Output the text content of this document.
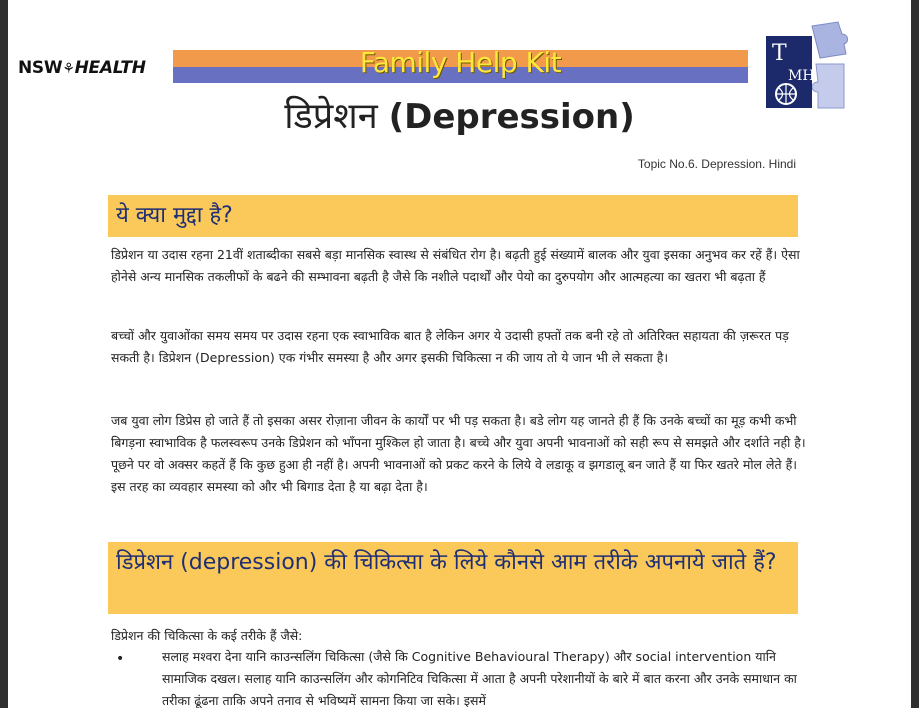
NSW⚘HEALTH	Family Help Kit	T
MH
डिप्रेशन (Depression)
Topic No.6. Depression. Hindi
ये क्या मुद्दा है?
डिप्रेशन या उदास रहना 21वीं शताब्दीका सबसे बड़ा मानसिक स्वास्थ से संबंधित रोग है। बढ़ती हुई संख्यामें बालक और युवा इसका अनुभव कर रहें हैं। ऐसा होनेसे अन्य मानसिक तकलीफों के बढने की सम्भावना बढ़ती है जैसे कि नशीले पदार्थों और पेयो का दुरुपयोग और आत्महत्या का खतरा भी बढ़ता हैं
बच्चों और युवाओंका समय समय पर उदास रहना एक स्वाभाविक बात है लेकिन अगर ये उदासी हफ्तों तक बनी रहे तो अतिरिक्त सहायता की ज़रूरत पड़ सकती है। डिप्रेशन (Depression) एक गंभीर समस्या है और अगर इसकी चिकित्सा न की जाय तो ये जान भी ले सकता है।
जब युवा लोग डिप्रेस हो जाते हैं तो इसका असर रोज़ाना जीवन के कार्यों पर भी पड़ सकता है। बडे लोग यह जानते ही हैं कि उनके बच्चों का मूड़ कभी कभी बिगड़ना स्वाभाविक है फलस्वरूप उनके डिप्रेशन को भाँपना मुश्किल हो जाता है। बच्चे और युवा अपनी भावनाओं को सही रूप से समझते और दर्शाते नही है। पूछने पर वो अक्सर कहतें हैं कि कुछ हुआ ही नहीं है। अपनी भावनाओं को प्रकट करने के लिये वे लडाकू व झगडालू बन जाते हैं या फिर खतरे मोल लेते हैं। इस तरह का व्यवहार समस्या को और भी बिगाड देता है या बढ़ा देता है।
डिप्रेशन (depression) की चिकित्सा के लिये कौनसे आम तरीके अपनाये जाते हैं?
डिप्रेशन की चिकित्सा के कई तरीके हैं जैसे:
•	सलाह मश्वरा देना यानि काउन्सलिंग चिकित्सा (जैसे कि Cognitive Behavioural Therapy) और social intervention यानि सामाजिक दखल। सलाह यानि काउन्सलिंग और कोगनिटिव चिकित्सा में आता है अपनी परेशानीयों के बारे में बात करना और उनके समाधान का तरीका ढूंढना ताकि अपने तनाव से भविष्यमें सामना किया जा सके। इसमें
